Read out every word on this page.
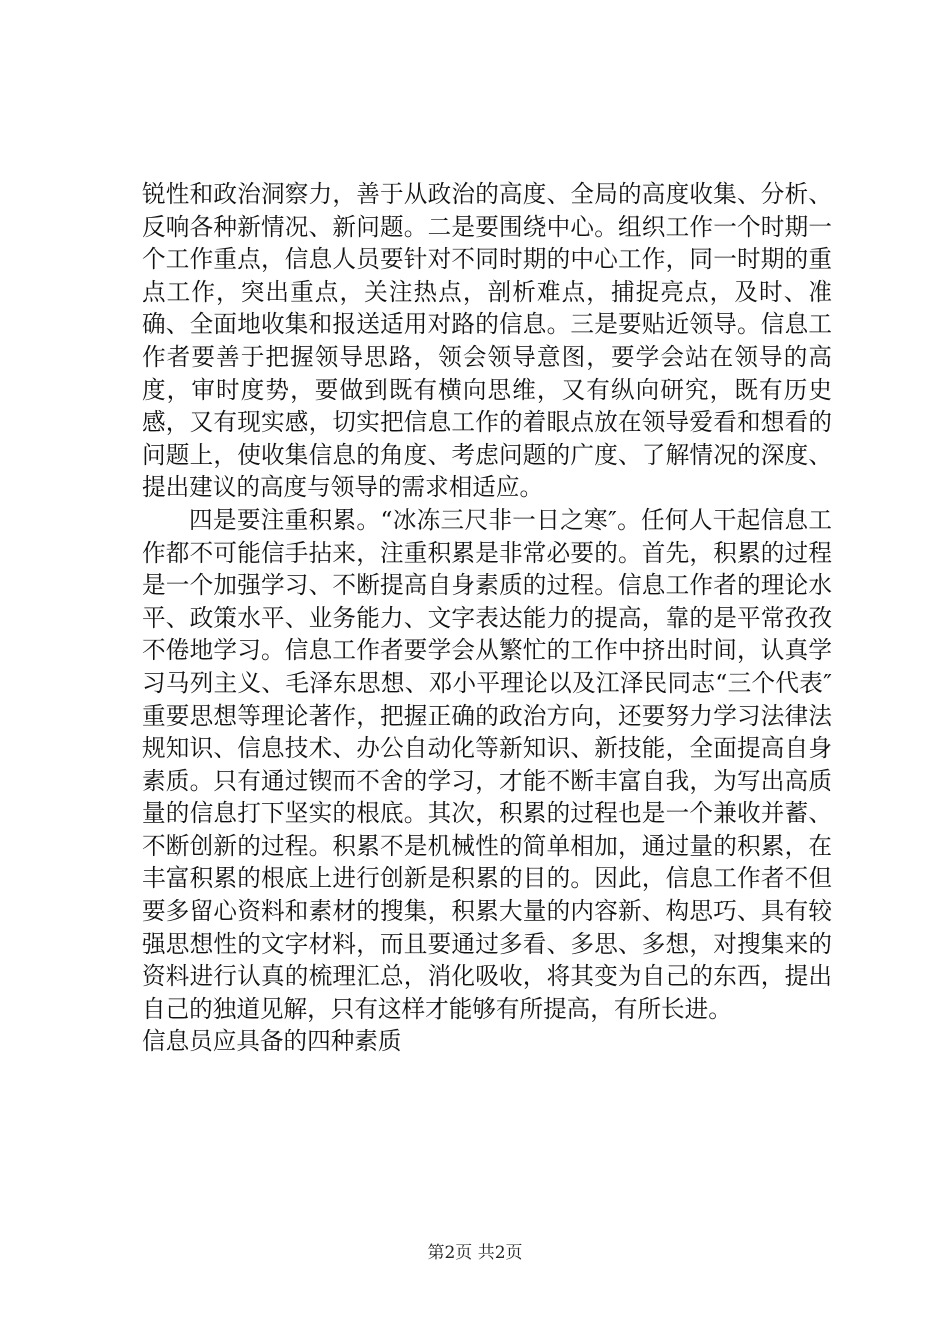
锐性和政治洞察力，善于从政治的高度、全局的高度收集、分析、反响各种新情况、新问题。二是要围绕中心。组织工作一个时期一个工作重点，信息人员要针对不同时期的中心工作，同一时期的重点工作，突出重点，关注热点，剖析难点，捕捉亮点，及时、准确、全面地收集和报送适用对路的信息。三是要贴近领导。信息工作者要善于把握领导思路，领会领导意图，要学会站在领导的高度，审时度势，要做到既有横向思维，又有纵向研究，既有历史感，又有现实感，切实把信息工作的着眼点放在领导爱看和想看的问题上，使收集信息的角度、考虑问题的广度、了解情况的深度、提出建议的高度与领导的需求相适应。

四是要注重积累。“冰冻三尺非一日之寒″。任何人干起信息工作都不可能信手拈来，注重积累是非常必要的。首先，积累的过程是一个加强学习、不断提高自身素质的过程。信息工作者的理论水平、政策水平、业务能力、文字表达能力的提高，靠的是平常孜孜不倦地学习。信息工作者要学会从繁忙的工作中挤出时间，认真学习马列主义、毛泽东思想、邓小平理论以及江泽民同志“三个代表″重要思想等理论著作，把握正确的政治方向，还要努力学习法律法规知识、信息技术、办公自动化等新知识、新技能，全面提高自身素质。只有通过锲而不舍的学习，才能不断丰富自我，为写出高质量的信息打下坚实的根底。其次，积累的过程也是一个兼收并蓄、不断创新的过程。积累不是机械性的简单相加，通过量的积累，在丰富积累的根底上进行创新是积累的目的。因此，信息工作者不但要多留心资料和素材的搜集，积累大量的内容新、构思巧、具有较强思想性的文字材料，而且要通过多看、多思、多想，对搜集来的资料进行认真的梳理汇总，消化吸收，将其变为自己的东西，提出自己的独道见解，只有这样才能够有所提高，有所长进。

信息员应具备的四种素质

第2页 共2页
